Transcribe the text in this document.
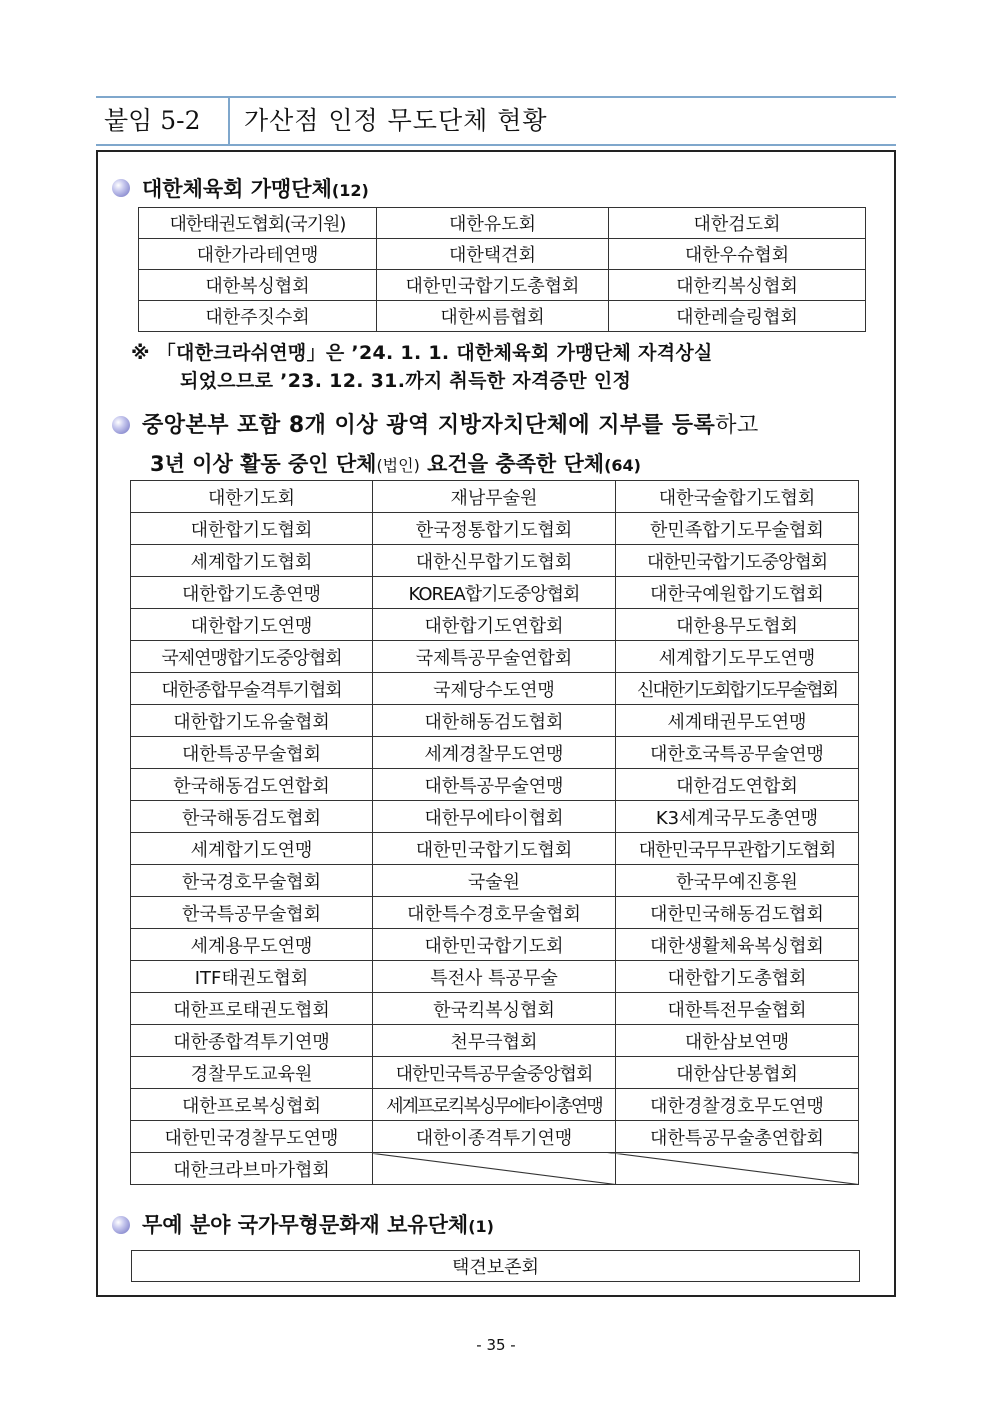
붙임 5-2	가산점 인정 무도단체 현황
대한체육회 가맹단체(12)
대한태권도협회(국기원)	대한유도회	대한검도회
대한가라테연맹	대한택견회	대한우슈협회
대한복싱협회	대한민국합기도총협회	대한킥복싱협회
대한주짓수회	대한씨름협회	대한레슬링협회
※ 「대한크라쉬연맹」은 ’24. 1. 1. 대한체육회 가맹단체 자격상실
되었으므로 ’23. 12. 31.까지 취득한 자격증만 인정
중앙본부 포함 8개 이상 광역 지방자치단체에 지부를 등록하고
3년 이상 활동 중인 단체(법인) 요건을 충족한 단체(64)
대한기도회	재남무술원	대한국술합기도협회
대한합기도협회	한국정통합기도협회	한민족합기도무술협회
세계합기도협회	대한신무합기도협회	대한민국합기도중앙협회
대한합기도총연맹	KOREA합기도중앙협회	대한국예원합기도협회
대한합기도연맹	대한합기도연합회	대한용무도협회
국제연맹합기도중앙협회	국제특공무술연합회	세계합기도무도연맹
대한종합무술격투기협회	국제당수도연맹	신대한기도회합기도무술협회
대한합기도유술협회	대한해동검도협회	세계태권무도연맹
대한특공무술협회	세계경찰무도연맹	대한호국특공무술연맹
한국해동검도연합회	대한특공무술연맹	대한검도연합회
한국해동검도협회	대한무에타이협회	K3세계국무도총연맹
세계합기도연맹	대한민국합기도협회	대한민국무무관합기도협회
한국경호무술협회	국술원	한국무예진흥원
한국특공무술협회	대한특수경호무술협회	대한민국해동검도협회
세계용무도연맹	대한민국합기도회	대한생활체육복싱협회
ITF태권도협회	특전사 특공무술	대한합기도총협회
대한프로태권도협회	한국킥복싱협회	대한특전무술협회
대한종합격투기연맹	천무극협회	대한삼보연맹
경찰무도교육원	대한민국특공무술중앙협회	대한삼단봉협회
대한프로복싱협회	세계프로킥복싱무에타이총연맹	대한경찰경호무도연맹
대한민국경찰무도연맹	대한이종격투기연맹	대한특공무술총연합회
대한크라브마가협회		
무예 분야 국가무형문화재 보유단체(1)
택견보존회
- 35 -
